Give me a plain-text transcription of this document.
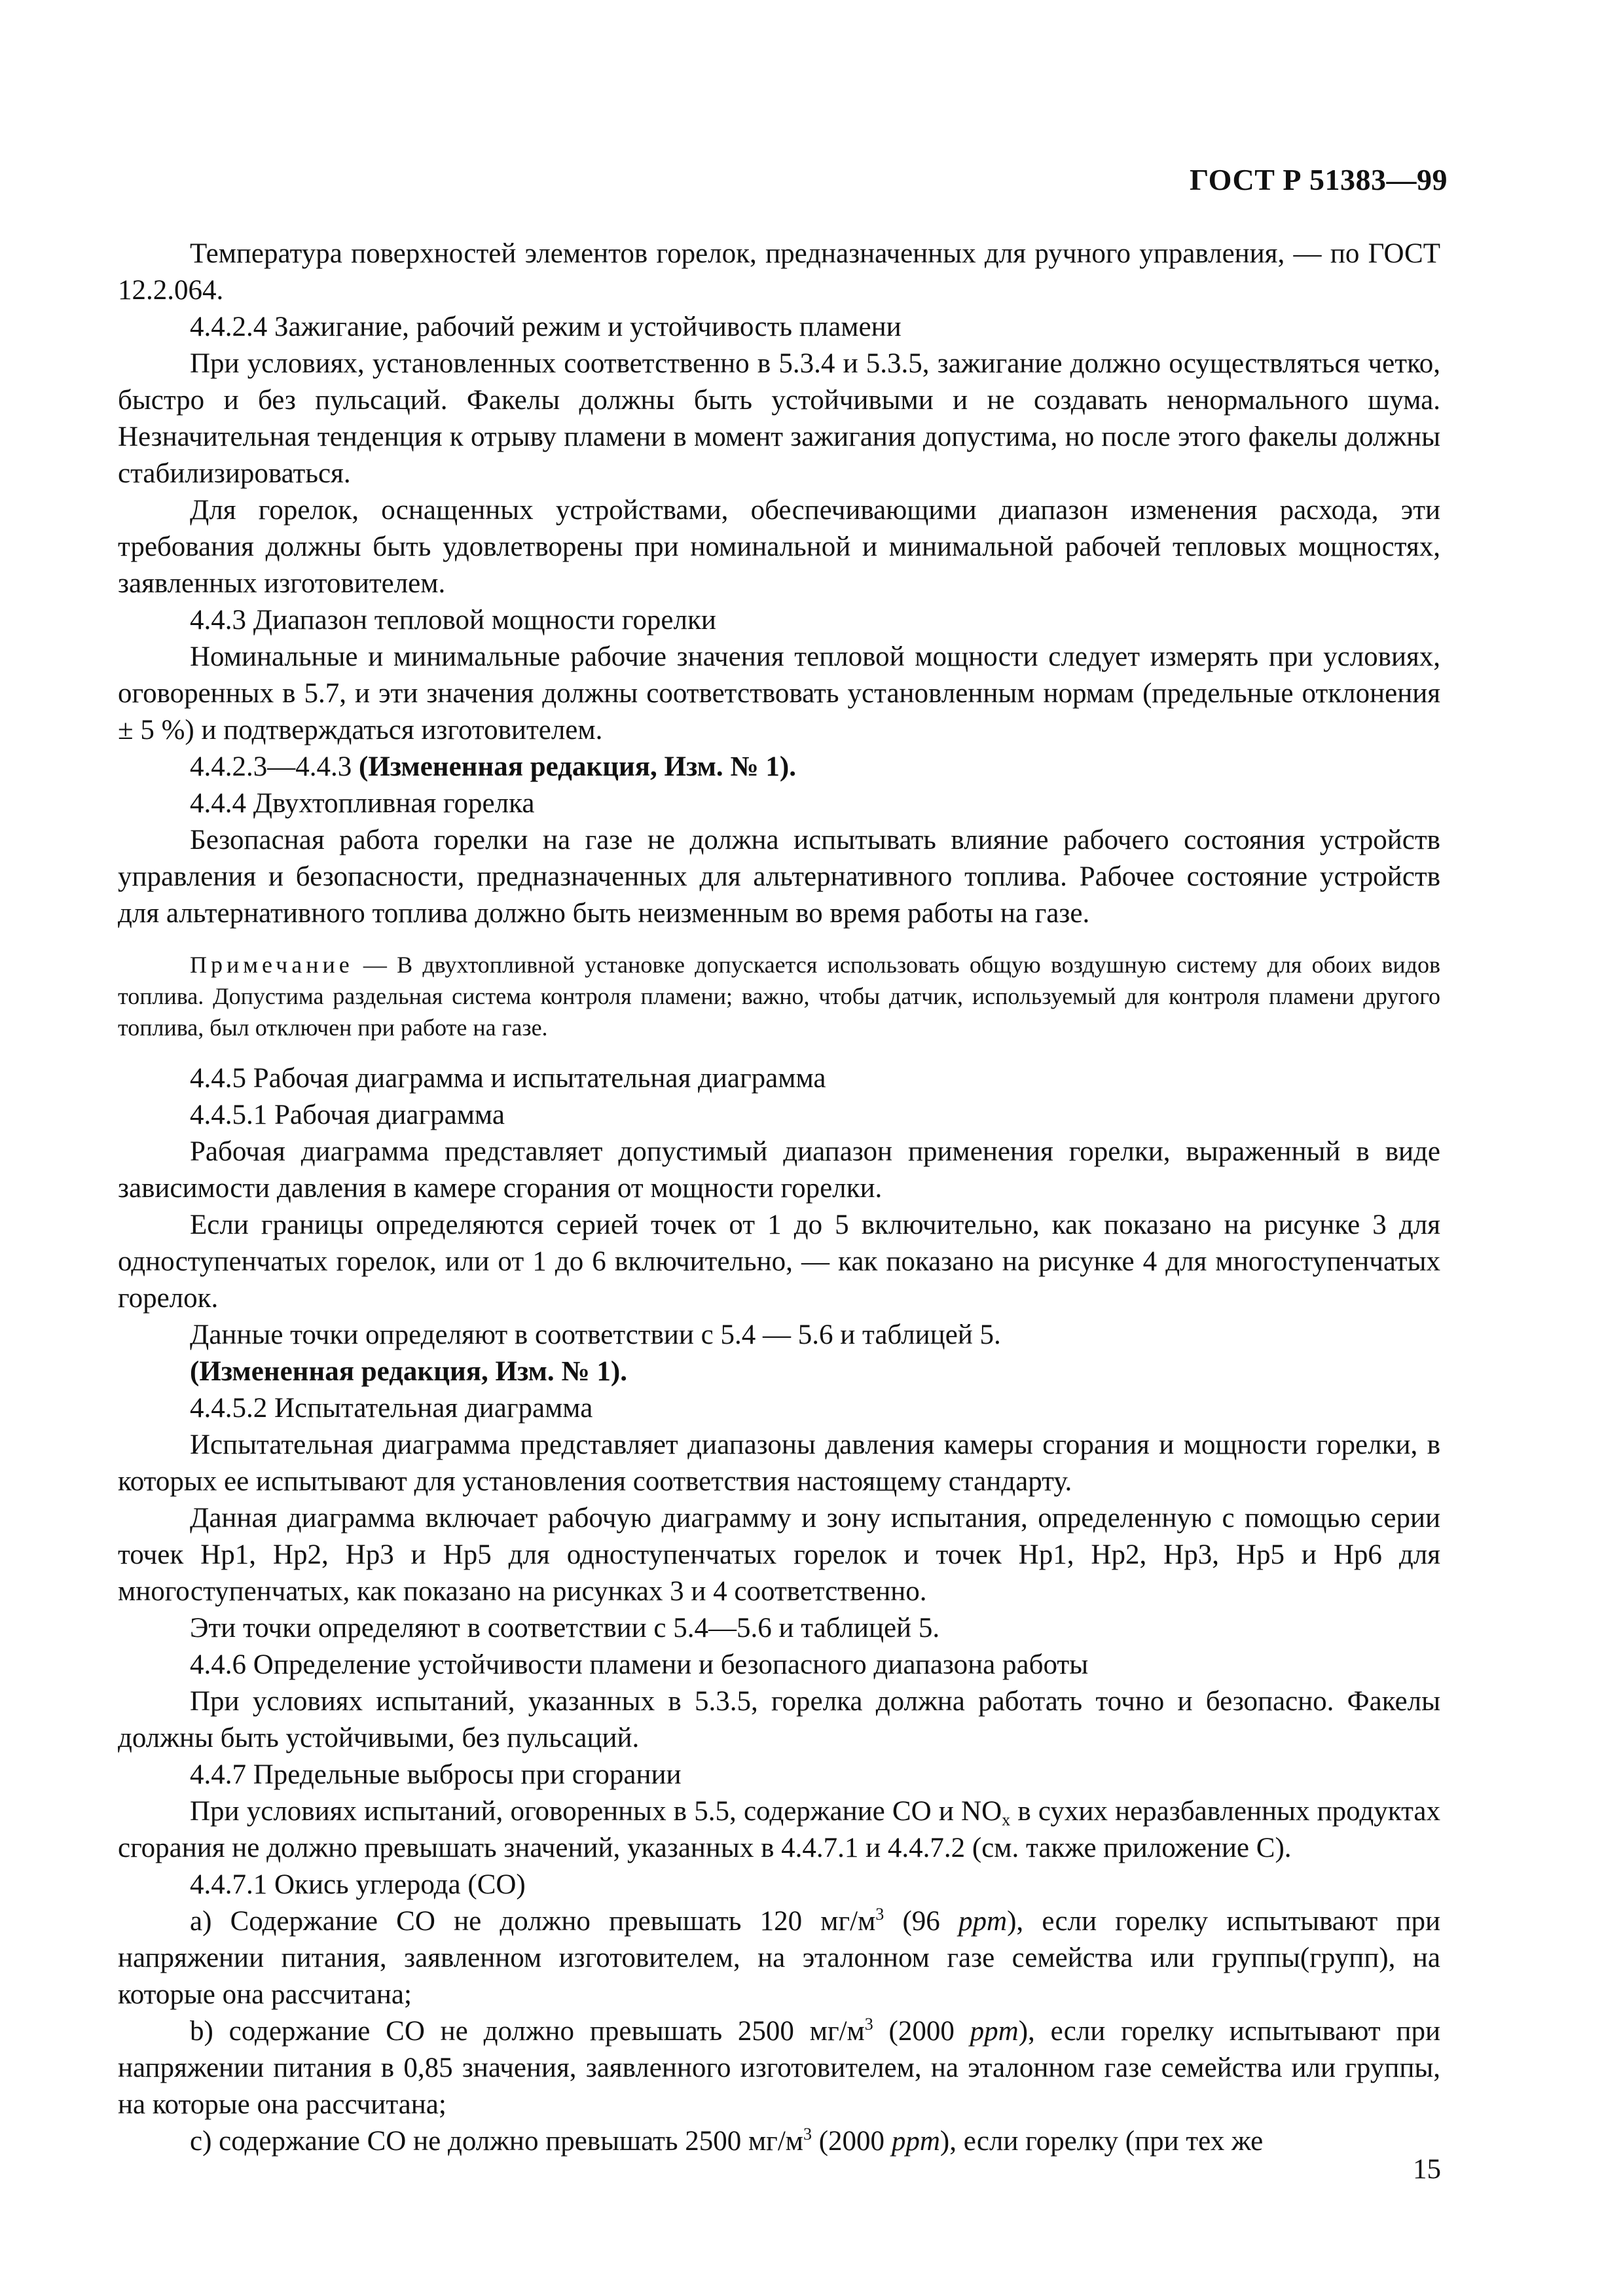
ГОСТ Р 51383—99

Температура поверхностей элементов горелок, предназначенных для ручного управления, — по ГОСТ 12.2.064.

4.4.2.4 Зажигание, рабочий режим и устойчивость пламени

При условиях, установленных соответственно в 5.3.4 и 5.3.5, зажигание должно осуществляться четко, быстро и без пульсаций. Факелы должны быть устойчивыми и не создавать ненормального шума. Незначительная тенденция к отрыву пламени в момент зажигания допустима, но после этого факелы должны стабилизироваться.

Для горелок, оснащенных устройствами, обеспечивающими диапазон изменения расхода, эти требования должны быть удовлетворены при номинальной и минимальной рабочей тепловых мощностях, заявленных изготовителем.

4.4.3 Диапазон тепловой мощности горелки

Номинальные и минимальные рабочие значения тепловой мощности следует измерять при условиях, оговоренных в 5.7, и эти значения должны соответствовать установленным нормам (предельные отклонения ± 5 %) и подтверждаться изготовителем.

4.4.2.3—4.4.3 (Измененная редакция, Изм. № 1).

4.4.4 Двухтопливная горелка

Безопасная работа горелки на газе не должна испытывать влияние рабочего состояния устройств управления и безопасности, предназначенных для альтернативного топлива. Рабочее состояние устройств для альтернативного топлива должно быть неизменным во время работы на газе.

Примечание — В двухтопливной установке допускается использовать общую воздушную систему для обоих видов топлива. Допустима раздельная система контроля пламени; важно, чтобы датчик, используемый для контроля пламени другого топлива, был отключен при работе на газе.

4.4.5 Рабочая диаграмма и испытательная диаграмма

4.4.5.1 Рабочая диаграмма

Рабочая диаграмма представляет допустимый диапазон применения горелки, выраженный в виде зависимости давления в камере сгорания от мощности горелки.

Если границы определяются серией точек от 1 до 5 включительно, как показано на рисунке 3 для одноступенчатых горелок, или от 1 до 6 включительно, — как показано на рисунке 4 для многоступенчатых горелок.

Данные точки определяют в соответствии с 5.4 — 5.6 и таблицей 5.

(Измененная редакция, Изм. № 1).

4.4.5.2 Испытательная диаграмма

Испытательная диаграмма представляет диапазоны давления камеры сгорания и мощности горелки, в которых ее испытывают для установления соответствия настоящему стандарту.

Данная диаграмма включает рабочую диаграмму и зону испытания, определенную с помощью серии точек Нр1, Нр2, Нр3 и Нр5 для одноступенчатых горелок и точек Нр1, Нр2, Нр3, Нр5 и Нр6 для многоступенчатых, как показано на рисунках 3 и 4 соответственно.

Эти точки определяют в соответствии с 5.4—5.6 и таблицей 5.

4.4.6 Определение устойчивости пламени и безопасного диапазона работы

При условиях испытаний, указанных в 5.3.5, горелка должна работать точно и безопасно. Факелы должны быть устойчивыми, без пульсаций.

4.4.7 Предельные выбросы при сгорании

При условиях испытаний, оговоренных в 5.5, содержание СО и $NO_x$ в сухих неразбавленных продуктах сгорания не должно превышать значений, указанных в 4.4.7.1 и 4.4.7.2 (см. также приложение С).

4.4.7.1 Окись углерода (СО)

а) Содержание СО не должно превышать 120 $мг/м^3$ (96 ppm), если горелку испытывают при напряжении питания, заявленном изготовителем, на эталонном газе семейства или группы(групп), на которые она рассчитана;

b) содержание СО не должно превышать 2500 $мг/м^3$ (2000 ppm), если горелку испытывают при напряжении питания в 0,85 значения, заявленного изготовителем, на эталонном газе семейства или группы, на которые она рассчитана;

с) содержание СО не должно превышать 2500 $мг/м^3$ (2000 ppm), если горелку (при тех же

15
